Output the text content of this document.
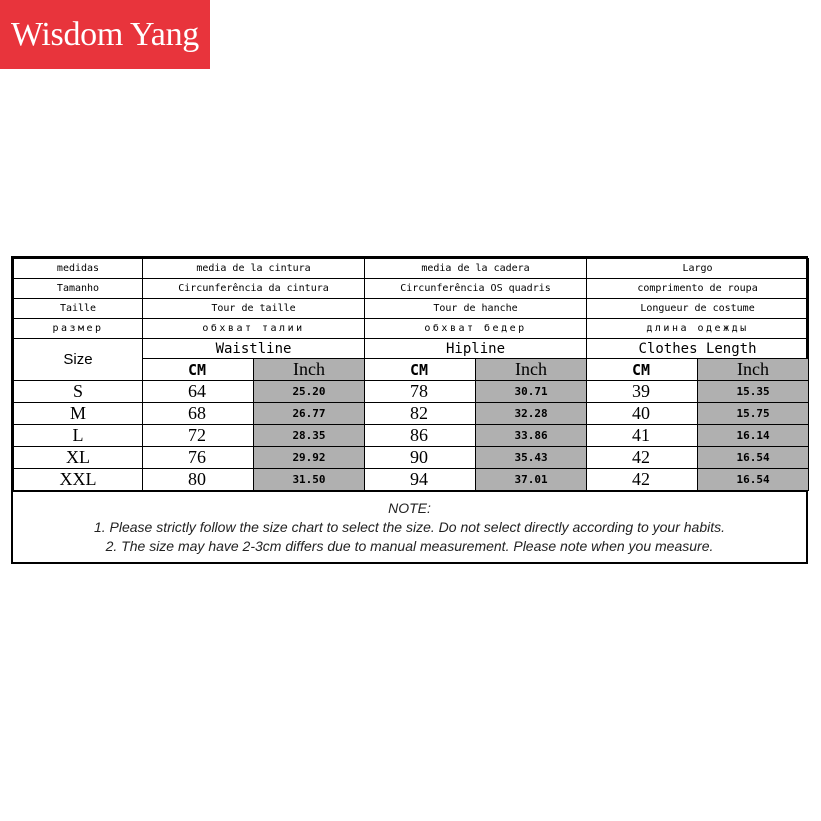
Wisdom Yang
medidas	media de la cintura		media de la cadera		Largo	
Tamanho	Circunferência da cintura		Circunferência OS quadris		comprimento de roupa	
Taille	Tour de taille		Tour de hanche		Longueur de costume	
размер	обхват талии		обхват бедер		длина одежды	
Size	Waistline		Hipline		Clothes Length	
	CM	Inch	CM	Inch	CM	Inch
S	64	25.20	78	30.71	39	15.35
M	68	26.77	82	32.28	40	15.75
L	72	28.35	86	33.86	41	16.14
XL	76	29.92	90	35.43	42	16.54
XXL	80	31.50	94	37.01	42	16.54
NOTE:
1. Please strictly follow the size chart to select the size. Do not select directly according to your habits.
2. The size may have 2-3cm differs due to manual measurement. Please note when you measure.
